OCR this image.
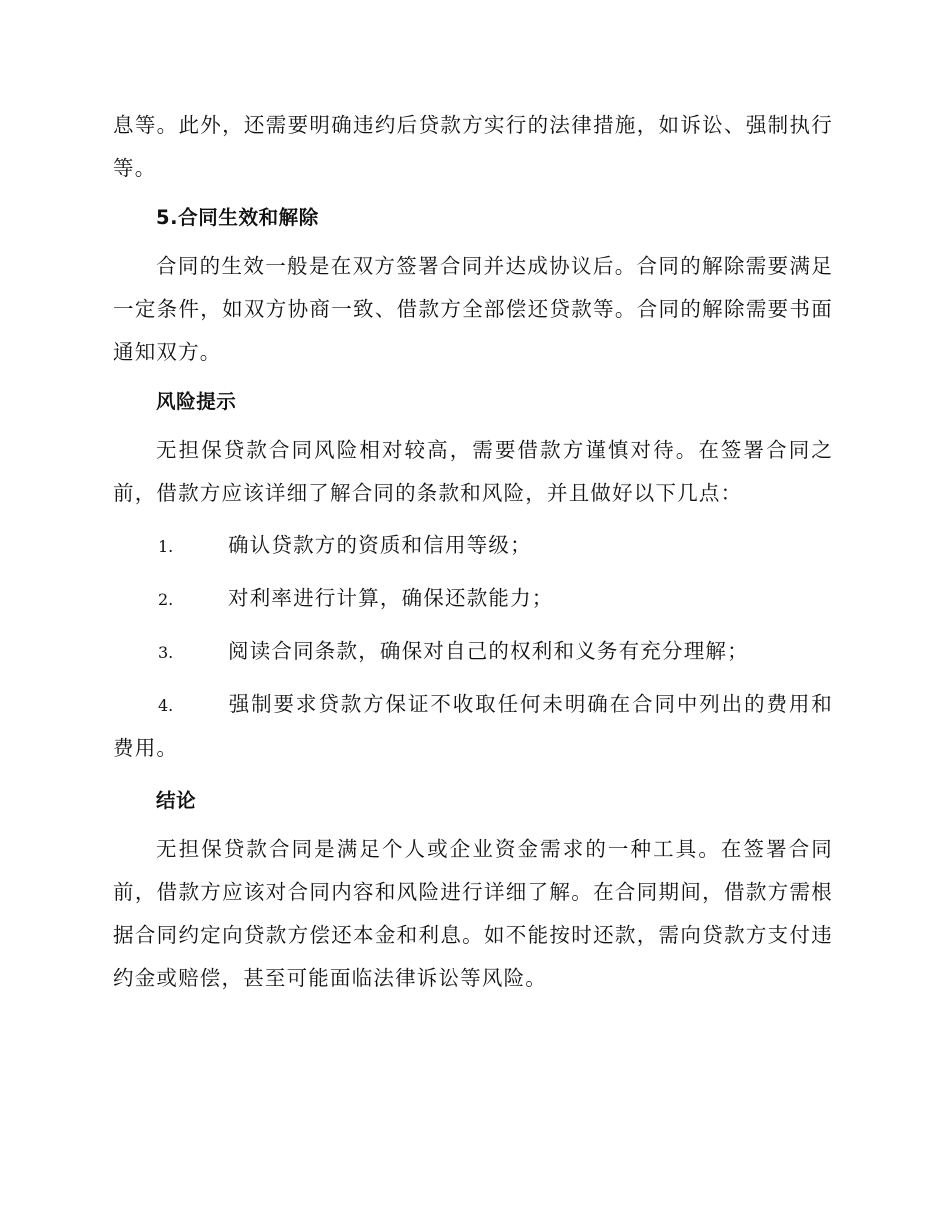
息等。此外，还需要明确违约后贷款方实行的法律措施，如诉讼、强制执行等。

5.合同生效和解除

合同的生效一般是在双方签署合同并达成协议后。合同的解除需要满足一定条件，如双方协商一致、借款方全部偿还贷款等。合同的解除需要书面通知双方。

风险提示

无担保贷款合同风险相对较高，需要借款方谨慎对待。在签署合同之前，借款方应该详细了解合同的条款和风险，并且做好以下几点：

1.	确认贷款方的资质和信用等级；

2.	对利率进行计算，确保还款能力；

3.	阅读合同条款，确保对自己的权利和义务有充分理解；

4.	强制要求贷款方保证不收取任何未明确在合同中列出的费用和费用。

结论

无担保贷款合同是满足个人或企业资金需求的一种工具。在签署合同前，借款方应该对合同内容和风险进行详细了解。在合同期间，借款方需根据合同约定向贷款方偿还本金和利息。如不能按时还款，需向贷款方支付违约金或赔偿，甚至可能面临法律诉讼等风险。
